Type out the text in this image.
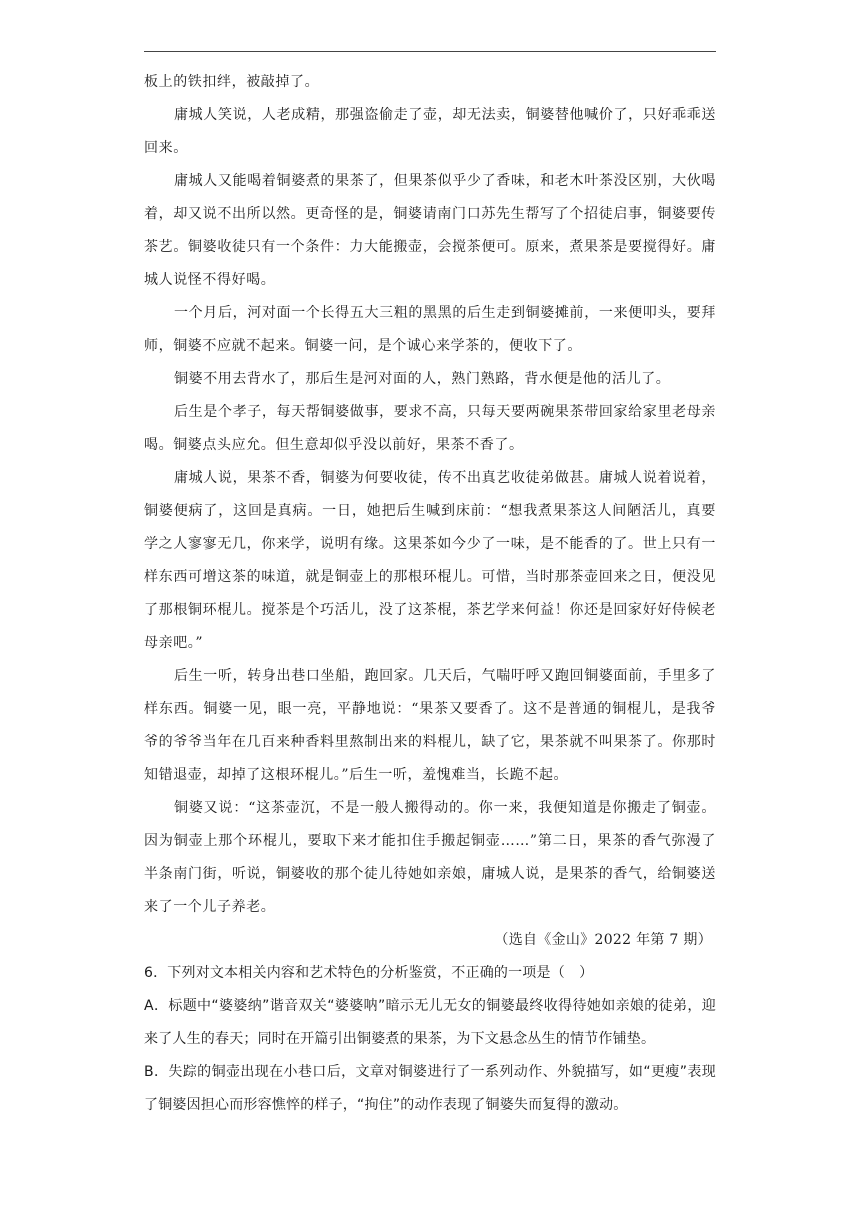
板上的铁扣绊，被敲掉了。

庸城人笑说，人老成精，那强盗偷走了壶，却无法卖，铜婆替他喊价了，只好乖乖送回来。

庸城人又能喝着铜婆煮的果茶了，但果茶似乎少了香味，和老木叶茶没区别，大伙喝着，却又说不出所以然。更奇怪的是，铜婆请南门口苏先生帮写了个招徒启事，铜婆要传茶艺。铜婆收徒只有一个条件：力大能搬壶，会搅茶便可。原来，煮果茶是要搅得好。庸城人说怪不得好喝。

一个月后，河对面一个长得五大三粗的黑黑的后生走到铜婆摊前，一来便叩头，要拜师，铜婆不应就不起来。铜婆一问，是个诚心来学茶的，便收下了。

铜婆不用去背水了，那后生是河对面的人，熟门熟路，背水便是他的活儿了。

后生是个孝子，每天帮铜婆做事，要求不高，只每天要两碗果茶带回家给家里老母亲喝。铜婆点头应允。但生意却似乎没以前好，果茶不香了。

庸城人说，果茶不香，铜婆为何要收徒，传不出真艺收徒弟做甚。庸城人说着说着，铜婆便病了，这回是真病。一日，她把后生喊到床前：“想我煮果茶这人间陋活儿，真要学之人寥寥无几，你来学，说明有缘。这果茶如今少了一味，是不能香的了。世上只有一样东西可增这茶的味道，就是铜壶上的那根环棍儿。可惜，当时那茶壶回来之日，便没见了那根铜环棍儿。搅茶是个巧活儿，没了这茶棍，茶艺学来何益！你还是回家好好侍候老母亲吧。”

后生一听，转身出巷口坐船，跑回家。几天后，气喘吁呼又跑回铜婆面前，手里多了样东西。铜婆一见，眼一亮，平静地说：“果茶又要香了。这不是普通的铜棍儿，是我爷爷的爷爷当年在几百来种香料里熬制出来的料棍儿，缺了它，果茶就不叫果茶了。你那时知错退壶，却掉了这根环棍儿。”后生一听，羞愧难当，长跪不起。

铜婆又说：“这茶壶沉，不是一般人搬得动的。你一来，我便知道是你搬走了铜壶。因为铜壶上那个环棍儿，要取下来才能扣住手搬起铜壶……”第二日，果茶的香气弥漫了半条南门街，听说，铜婆收的那个徒儿待她如亲娘，庸城人说，是果茶的香气，给铜婆送来了一个儿子养老。

（选自《金山》2022 年第 7 期）

6．下列对文本相关内容和艺术特色的分析鉴赏，不正确的一项是（　）

A．标题中“婆婆纳”谐音双关“婆婆呐”暗示无儿无女的铜婆最终收得待她如亲娘的徒弟，迎来了人生的春天；同时在开篇引出铜婆煮的果茶，为下文悬念丛生的情节作铺垫。

B．失踪的铜壶出现在小巷口后，文章对铜婆进行了一系列动作、外貌描写，如“更瘦”表现了铜婆因担心而形容憔悴的样子，“拘住”的动作表现了铜婆失而复得的激动。
